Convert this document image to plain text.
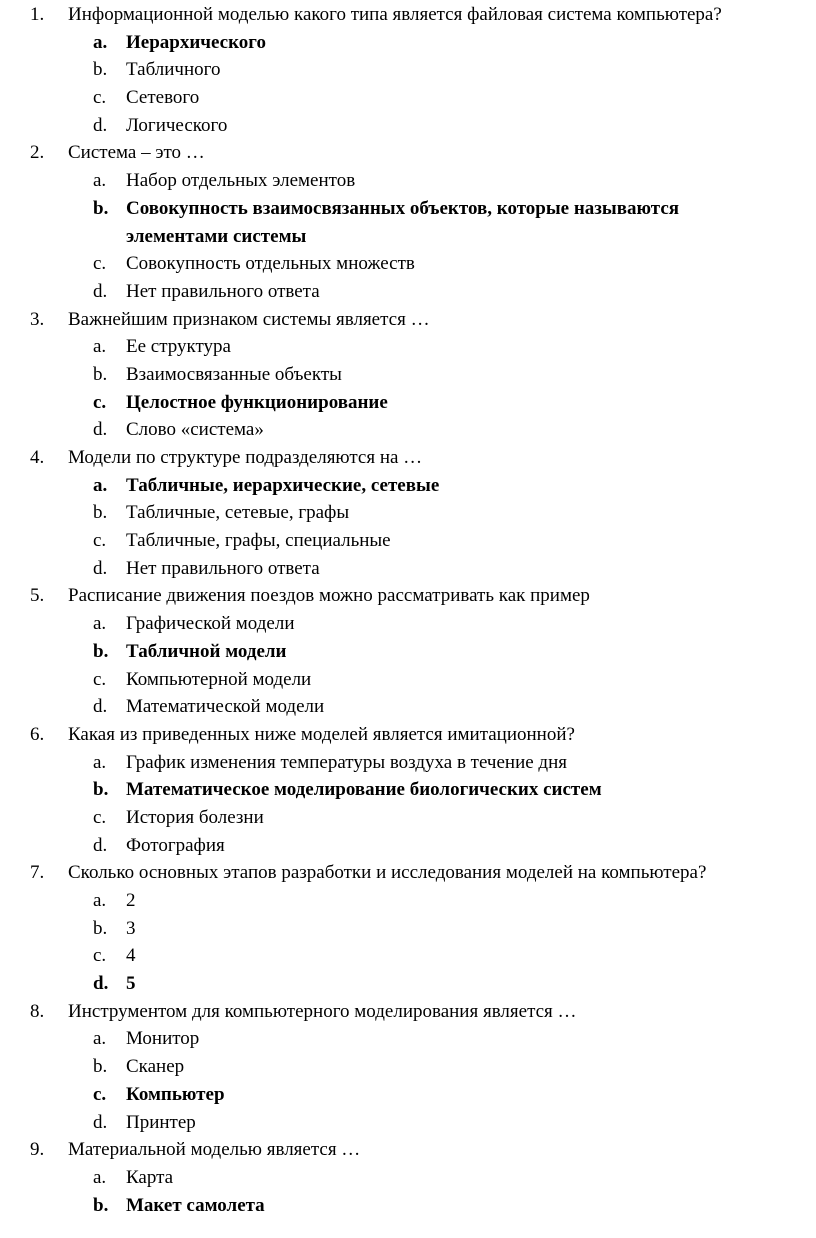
1. Информационной моделью какого типа является файловая система компьютера?
a. Иерархического
b. Табличного
c. Сетевого
d. Логического
2. Система – это …
a. Набор отдельных элементов
b. Совокупность взаимосвязанных объектов, которые называются элементами системы
c. Совокупность отдельных множеств
d. Нет правильного ответа
3. Важнейшим признаком системы является …
a. Ее структура
b. Взаимосвязанные объекты
c. Целостное функционирование
d. Слово «система»
4. Модели по структуре подразделяются на …
a. Табличные, иерархические, сетевые
b. Табличные, сетевые, графы
c. Табличные, графы, специальные
d. Нет правильного ответа
5. Расписание движения поездов можно рассматривать как пример
a. Графической модели
b. Табличной модели
c. Компьютерной модели
d. Математической модели
6. Какая из приведенных ниже моделей является имитационной?
a. График изменения температуры воздуха в течение дня
b. Математическое моделирование биологических систем
c. История болезни
d. Фотография
7. Сколько основных этапов разработки и исследования моделей на компьютера?
a. 2
b. 3
c. 4
d. 5
8. Инструментом для компьютерного моделирования является …
a. Монитор
b. Сканер
c. Компьютер
d. Принтер
9. Материальной моделью является …
a. Карта
b. Макет самолета
